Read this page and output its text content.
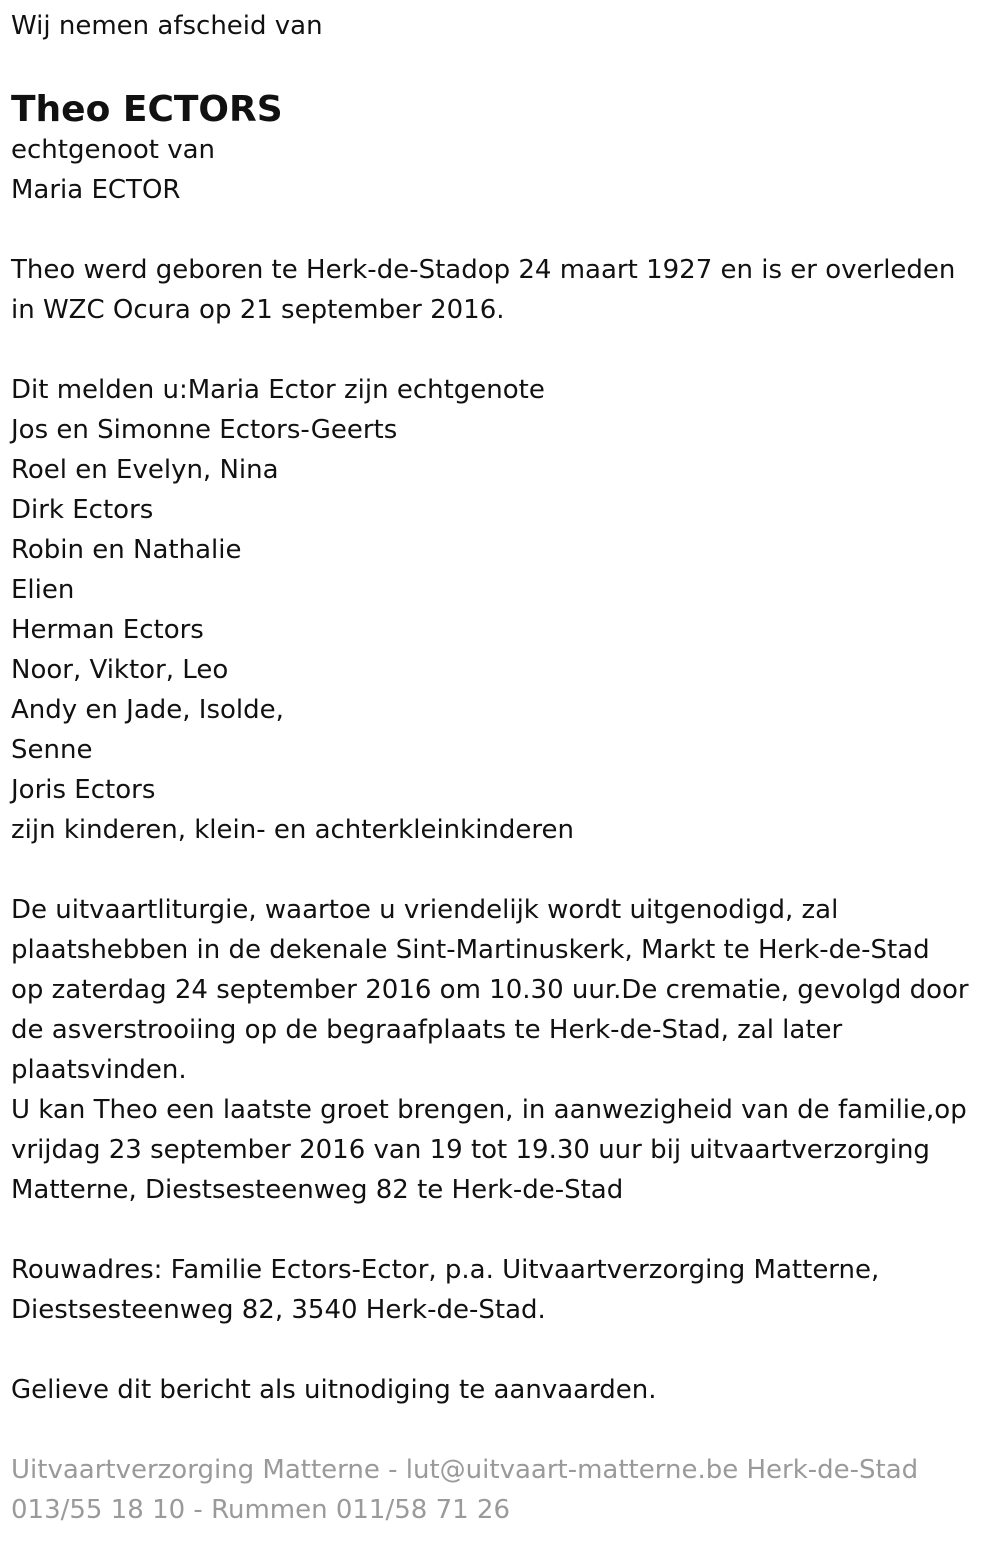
Wij nemen afscheid van
Theo ECTORS
echtgenoot van
Maria ECTOR
Theo werd geboren te Herk-de-Stadop 24 maart 1927 en is er overleden
in WZC Ocura op 21 september 2016.
Dit melden u:Maria Ector zijn echtgenote
Jos en Simonne Ectors-Geerts
Roel en Evelyn, Nina
Dirk Ectors
Robin en Nathalie
Elien
Herman Ectors
Noor, Viktor, Leo
Andy en Jade, Isolde,
Senne
Joris Ectors
zijn kinderen, klein- en achterkleinkinderen
De uitvaartliturgie, waartoe u vriendelijk wordt uitgenodigd, zal
plaatshebben in de dekenale Sint-Martinuskerk, Markt te Herk-de-Stad
op zaterdag 24 september 2016 om 10.30 uur.De crematie, gevolgd door
de asverstrooiing op de begraafplaats te Herk-de-Stad, zal later
plaatsvinden.
U kan Theo een laatste groet brengen, in aanwezigheid van de familie,op
vrijdag 23 september 2016 van 19 tot 19.30 uur bij uitvaartverzorging
Matterne, Diestsesteenweg 82 te Herk-de-Stad
Rouwadres: Familie Ectors-Ector, p.a. Uitvaartverzorging Matterne,
Diestsesteenweg 82, 3540 Herk-de-Stad.
Gelieve dit bericht als uitnodiging te aanvaarden.
Uitvaartverzorging Matterne - lut@uitvaart-matterne.be Herk-de-Stad
013/55 18 10 - Rummen 011/58 71 26
